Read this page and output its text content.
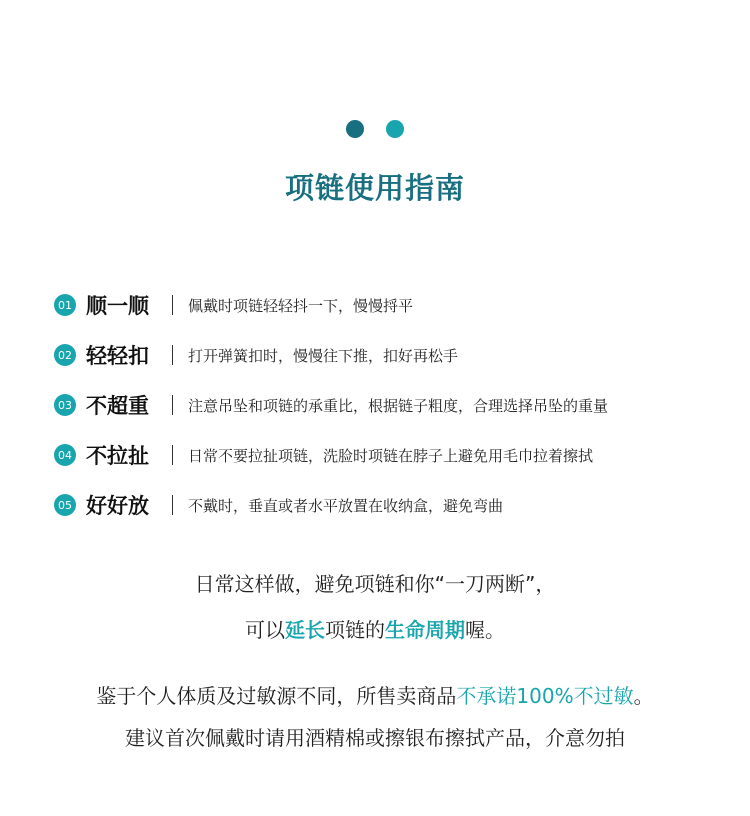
项链使用指南
01 顺一顺	佩戴时项链轻轻抖一下，慢慢捋平
02 轻轻扣	打开弹簧扣时，慢慢往下推，扣好再松手
03 不超重	注意吊坠和项链的承重比，根据链子粗度，合理选择吊坠的重量
04 不拉扯	日常不要拉扯项链，洗脸时项链在脖子上避免用毛巾拉着擦拭
05 好好放	不戴时，垂直或者水平放置在收纳盒，避免弯曲
日常这样做，避免项链和你“一刀两断”，
可以延长项链的生命周期喔。
鉴于个人体质及过敏源不同，所售卖商品不承诺100%不过敏。
建议首次佩戴时请用酒精棉或擦银布擦拭产品，介意勿拍
